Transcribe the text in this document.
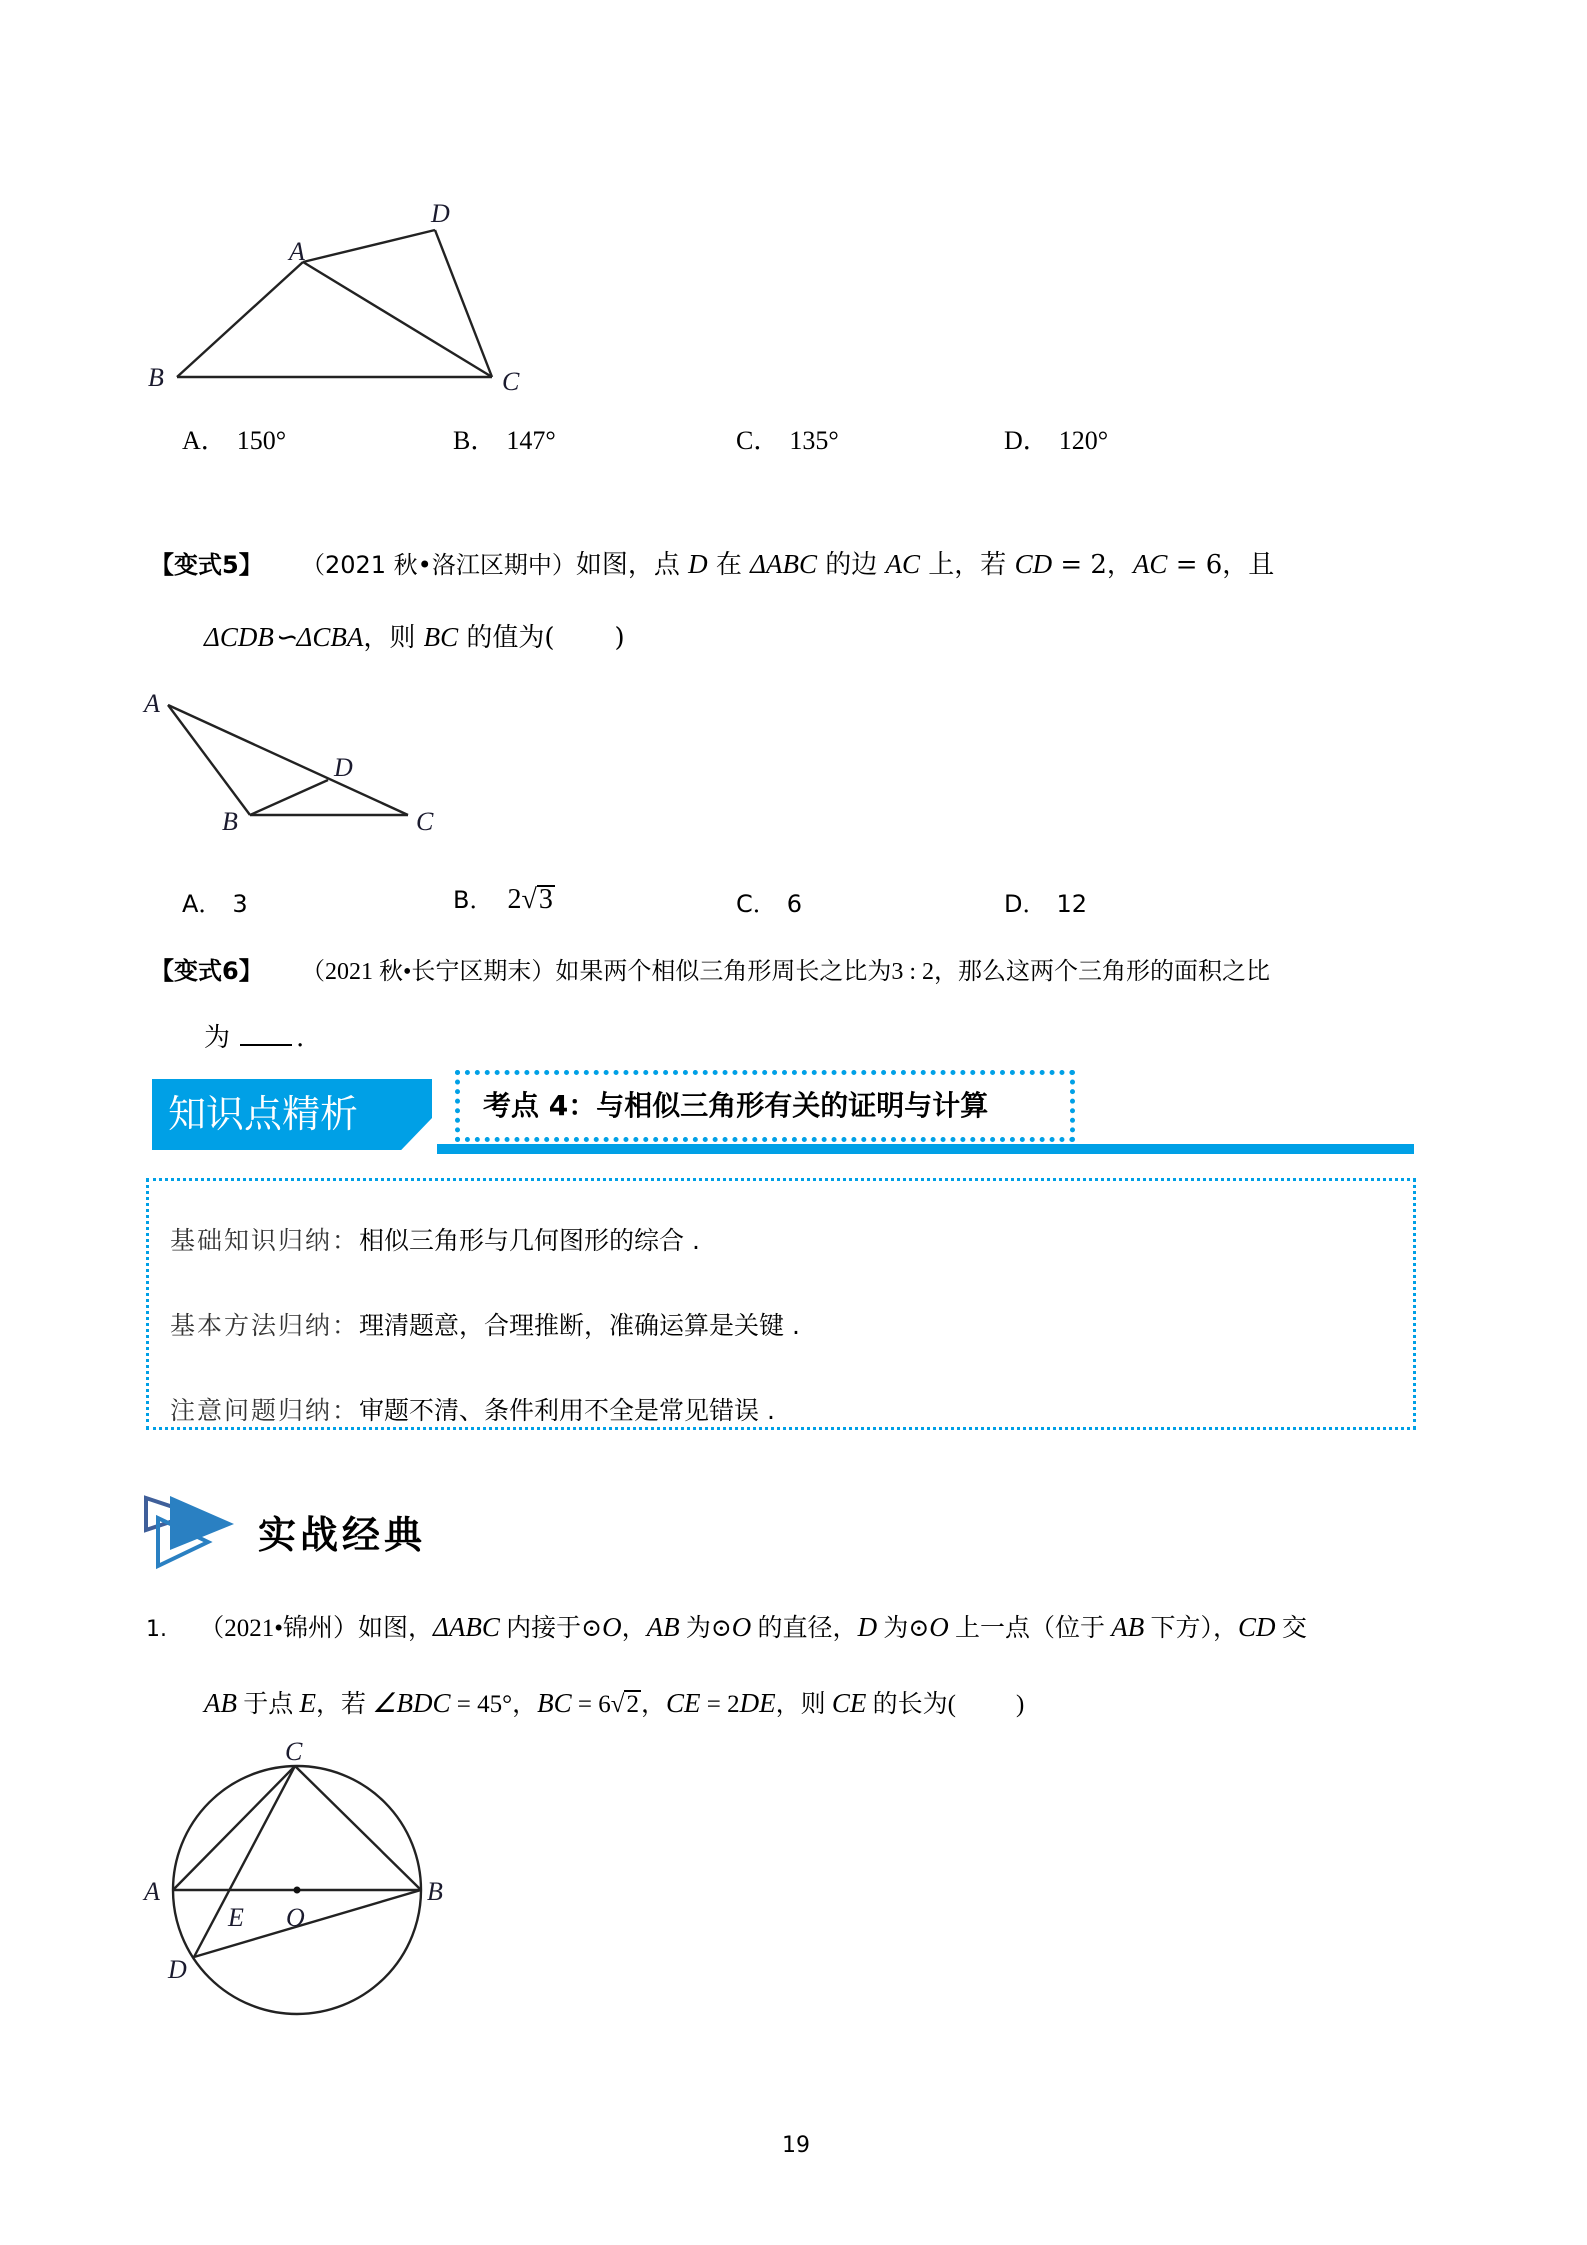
A
B	C
D
A
B	C
D
A	B
C
D
E O
A． 150°	B． 147°	C． 135°	D． 120°
【变式5】 （2021 秋•洛江区期中）如图，点 D 在 ΔABC 的边 AC 上，若 CD = 2，AC = 6，且
ΔCDB∽ΔCBA，则 BC 的值为( )
A． 3	B． 2√3	C． 6	D． 12
【变式6】 （2021 秋•长宁区期末）如果两个相似三角形周长之比为3 : 2，那么这两个三角形的面积之比
为	.
知识点精析	考点 4：与相似三角形有关的证明与计算
基础知识归纳：相似三角形与几何图形的综合 .
基本方法归纳：理清题意，合理推断，准确运算是关键 .
注意问题归纳：审题不清、条件利用不全是常见错误 .
实战经典
1. （2021•锦州）如图，ΔABC 内接于⊙O，AB 为⊙O 的直径，D 为⊙O 上一点（位于 AB 下方），CD 交
AB 于点 E，若 ∠BDC = 45°，BC = 6√2，CE = 2DE，则 CE 的长为( )
19
